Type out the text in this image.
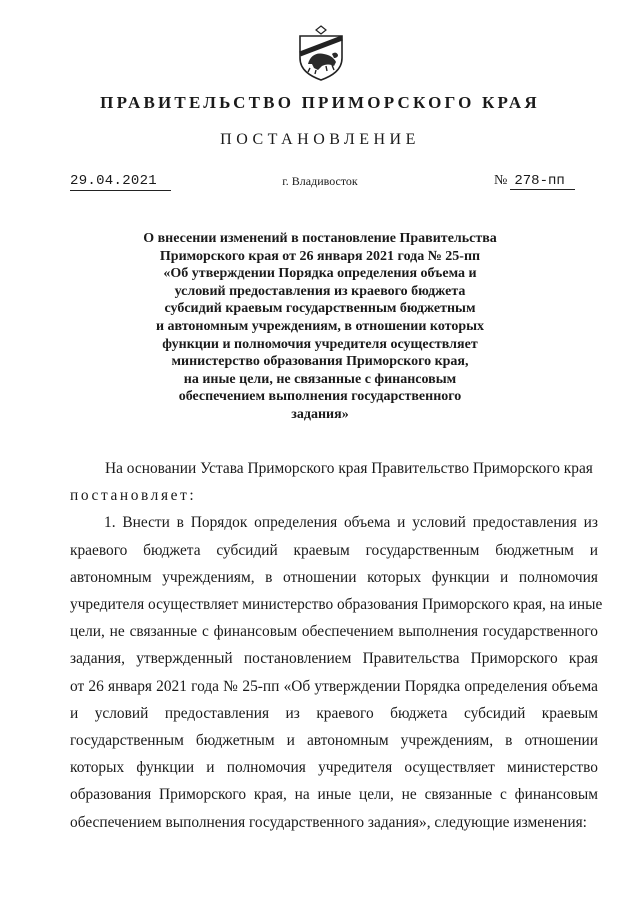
ПРАВИТЕЛЬСТВО ПРИМОРСКОГО КРАЯ
ПОСТАНОВЛЕНИЕ
29.04.2021	г. Владивосток	№ 278-пп
О внесении изменений в постановление Правительства
Приморского края от 26 января 2021 года № 25-пп
«Об утверждении Порядка определения объема и
условий предоставления из краевого бюджета
субсидий краевым государственным бюджетным
и автономным учреждениям, в отношении которых
функции и полномочия учредителя осуществляет
министерство образования Приморского края,
на иные цели, не связанные с финансовым
обеспечением выполнения государственного
задания»
На основании Устава Приморского края Правительство Приморского края
постановляет:
1. Внести в Порядок определения объема и условий предоставления из
краевого бюджета субсидий краевым государственным бюджетным и
автономным учреждениям, в отношении которых функции и полномочия
учредителя осуществляет министерство образования Приморского края, на иные
цели, не связанные с финансовым обеспечением выполнения государственного
задания, утвержденный постановлением Правительства Приморского края
от 26 января 2021 года № 25-пп «Об утверждении Порядка определения объема
и условий предоставления из краевого бюджета субсидий краевым
государственным бюджетным и автономным учреждениям, в отношении
которых функции и полномочия учредителя осуществляет министерство
образования Приморского края, на иные цели, не связанные с финансовым
обеспечением выполнения государственного задания», следующие изменения:
